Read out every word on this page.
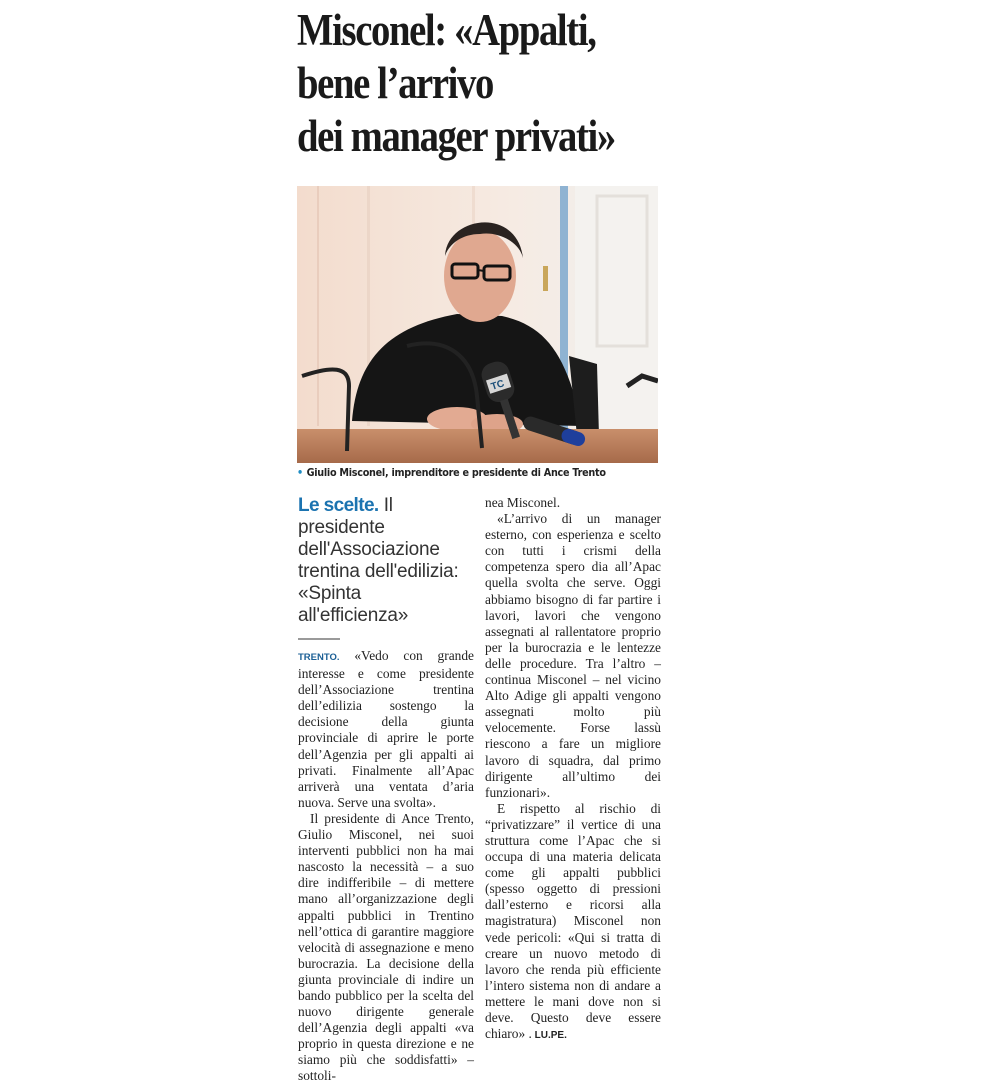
Misconel: «Appalti,
bene l’arrivo
dei manager privati»
TC
• Giulio Misconel, imprenditore e presidente di Ance Trento
Le scelte. Il presidente dell'Associazione trentina dell'edilizia: «Spinta all'efficienza»

TRENTO. «Vedo con grande interesse e come presidente dell’Associazione trentina dell’edilizia sostengo la decisione della giunta provinciale di aprire le porte dell’Agenzia per gli appalti ai privati. Finalmente all’Apac arriverà una ventata d’aria nuova. Serve una svolta».

Il presidente di Ance Trento, Giulio Misconel, nei suoi interventi pubblici non ha mai nascosto la necessità – a suo dire indifferibile – di mettere mano all’organizzazione degli appalti pubblici in Trentino nell’ottica di garantire maggiore velocità di assegnazione e meno burocrazia. La decisione della giunta provinciale di indire un bando pubblico per la scelta del nuovo dirigente generale dell’Agenzia degli appalti «va proprio in questa direzione e ne siamo più che soddisfatti» – sottoli-

nea Misconel.

«L’arrivo di un manager esterno, con esperienza e scelto con tutti i crismi della competenza spero dia all’Apac quella svolta che serve. Oggi abbiamo bisogno di far partire i lavori, lavori che vengono assegnati al rallentatore proprio per la burocrazia e le lentezze delle procedure. Tra l’altro – continua Misconel – nel vicino Alto Adige gli appalti vengono assegnati molto più velocemente. Forse lassù riescono a fare un migliore lavoro di squadra, dal primo dirigente all’ultimo dei funzionari».

E rispetto al rischio di “privatizzare” il vertice di una struttura come l’Apac che si occupa di una materia delicata come gli appalti pubblici (spesso oggetto di pressioni dall’esterno e ricorsi alla magistratura) Misconel non vede pericoli: «Qui si tratta di creare un nuovo metodo di lavoro che renda più efficiente l’intero sistema non di andare a mettere le mani dove non si deve. Questo deve essere chiaro» . LU.PE.
